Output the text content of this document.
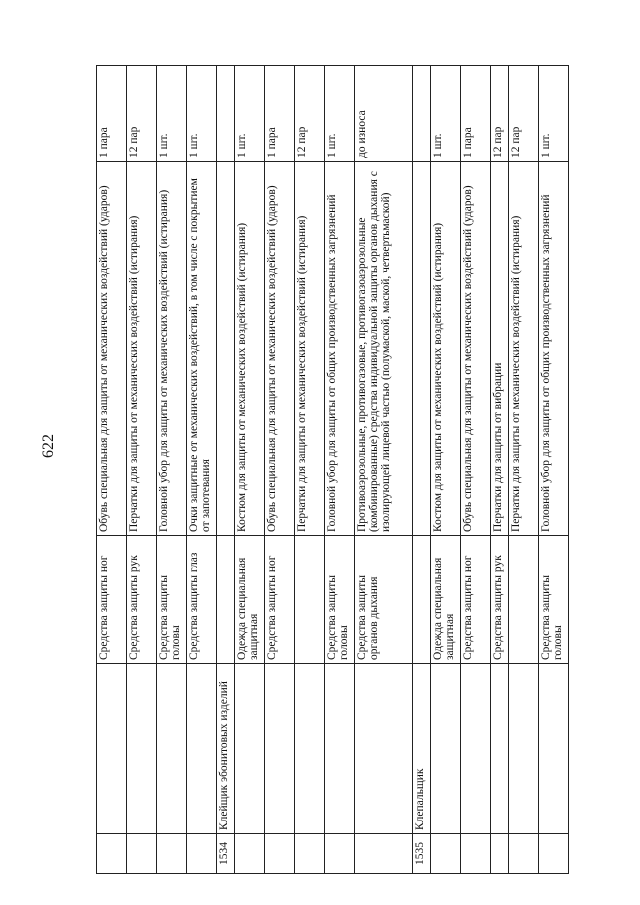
622
		Средства защиты ног	Обувь специальная для защиты от механических воздействий (ударов)	1 пара
		Средства защиты рук	Перчатки для защиты от механических воздействий (истирания)	12 пар
		Средства защиты головы	Головной убор для защиты от механических воздействий (истирания)	1 шт.
		Средства защиты глаз	Очки защитные от механических воздействий, в том числе с покрытием от запотевания	1 шт.
1534	Клейщик эбонитовых изделий			
		Одежда специальная защитная	Костюм для защиты от механических воздействий (истирания)	1 шт.
		Средства защиты ног	Обувь специальная для защиты от механических воздействий (ударов)	1 пара
			Перчатки для защиты от механических воздействий (истирания)	12 пар
		Средства защиты головы	Головной убор для защиты от общих производственных загрязнений	1 шт.
		Средства защиты органов дыхания	Противоаэрозольные, противогазовые, противогазоаэрозольные (комбинированные) средства индивидуальной защиты органов дыхания с изолирующей лицевой частью (полумаской, маской, четвертьмаской)	до износа
1535	Клепальщик			
		Одежда специальная защитная	Костюм для защиты от механических воздействий (истирания)	1 шт.
		Средства защиты ног	Обувь специальная для защиты от механических воздействий (ударов)	1 пара
		Средства защиты рук	Перчатки для защиты от вибрации	12 пар
			Перчатки для защиты от механических воздействий (истирания)	12 пар
		Средства защиты головы	Головной убор для защиты от общих производственных загрязнений	1 шт.
